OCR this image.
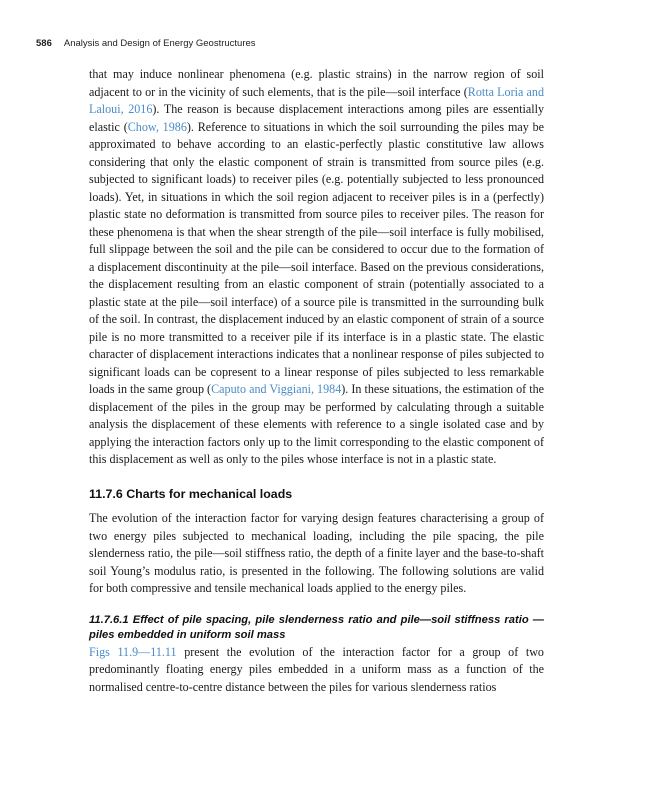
586 Analysis and Design of Energy Geostructures

that may induce nonlinear phenomena (e.g. plastic strains) in the narrow region of soil adjacent to or in the vicinity of such elements, that is the pile—soil interface (Rotta Loria and Laloui, 2016). The reason is because displacement interactions among piles are essentially elastic (Chow, 1986). Reference to situations in which the soil surrounding the piles may be approximated to behave according to an elastic-perfectly plastic constitutive law allows considering that only the elastic component of strain is transmitted from source piles (e.g. subjected to significant loads) to receiver piles (e.g. potentially subjected to less pronounced loads). Yet, in situations in which the soil region adjacent to receiver piles is in a (perfectly) plastic state no deformation is transmitted from source piles to receiver piles. The reason for these phenomena is that when the shear strength of the pile—soil interface is fully mobilised, full slippage between the soil and the pile can be considered to occur due to the formation of a displacement discontinuity at the pile—soil interface. Based on the previous considerations, the displacement resulting from an elastic component of strain (potentially associated to a plastic state at the pile—soil interface) of a source pile is transmitted in the surrounding bulk of the soil. In contrast, the displacement induced by an elastic component of strain of a source pile is no more transmitted to a receiver pile if its interface is in a plastic state. The elastic character of displacement interactions indicates that a nonlinear response of piles subjected to significant loads can be copresent to a linear response of piles subjected to less remarkable loads in the same group (Caputo and Viggiani, 1984). In these situations, the estimation of the displacement of the piles in the group may be performed by calculating through a suitable analysis the displacement of these elements with reference to a single isolated case and by applying the interaction factors only up to the limit corresponding to the elastic component of this displacement as well as only to the piles whose interface is not in a plastic state.

11.7.6 Charts for mechanical loads

The evolution of the interaction factor for varying design features characterising a group of two energy piles subjected to mechanical loading, including the pile spacing, the pile slenderness ratio, the pile—soil stiffness ratio, the depth of a finite layer and the base-to-shaft soil Young’s modulus ratio, is presented in the following. The following solutions are valid for both compressive and tensile mechanical loads applied to the energy piles.

11.7.6.1 Effect of pile spacing, pile slenderness ratio and pile—soil stiffness ratio — piles embedded in uniform soil mass

Figs 11.9—11.11 present the evolution of the interaction factor for a group of two predominantly floating energy piles embedded in a uniform mass as a function of the normalised centre-to-centre distance between the piles for various slenderness ratios
